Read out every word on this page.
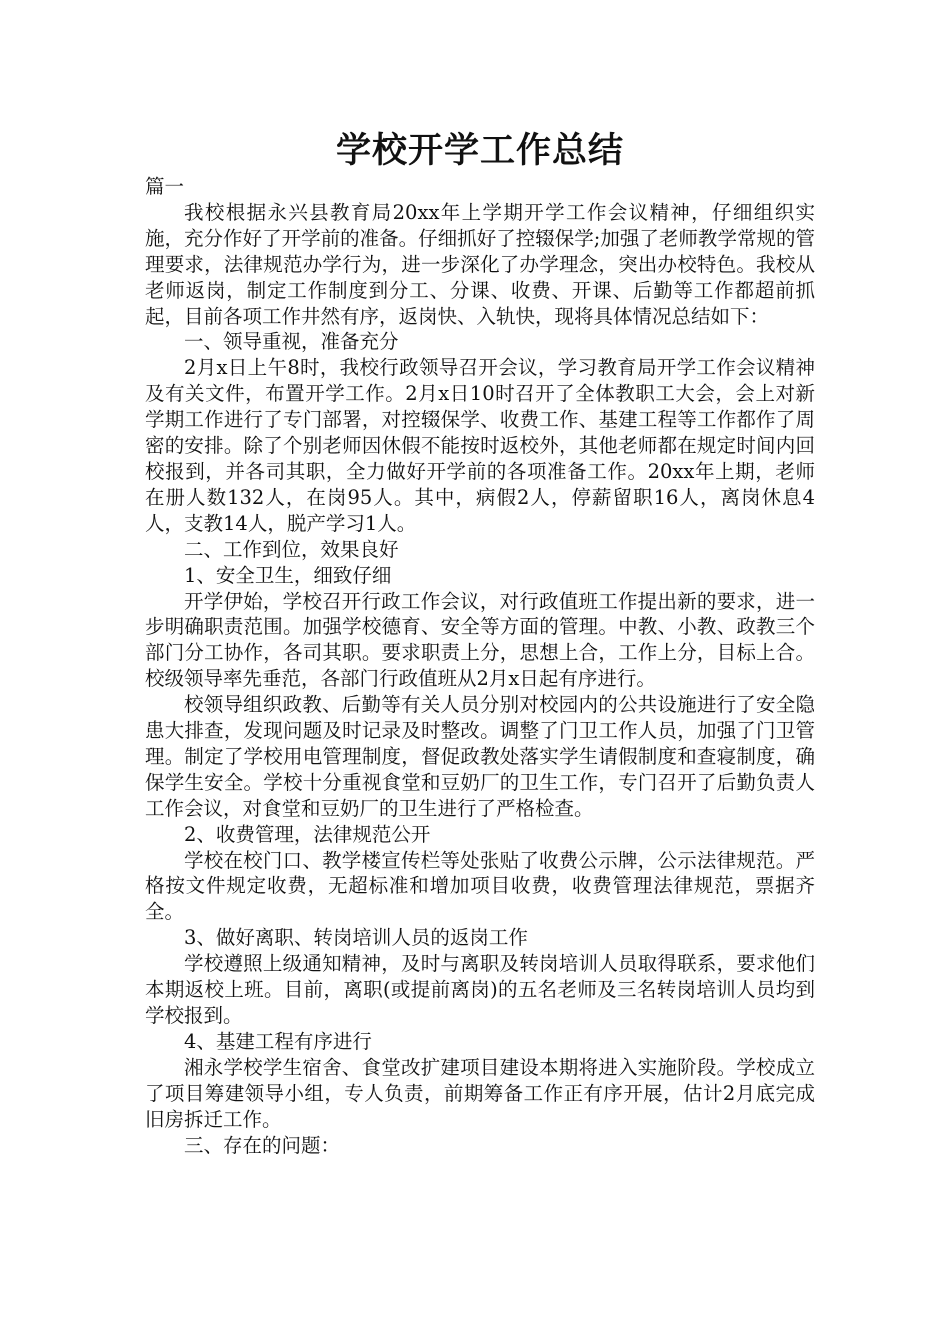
学校开学工作总结

篇一

我校根据永兴县教育局20xx年上学期开学工作会议精神，仔细组织实施，充分作好了开学前的准备。仔细抓好了控辍保学;加强了老师教学常规的管理要求，法律规范办学行为，进一步深化了办学理念，突出办校特色。我校从老师返岗，制定工作制度到分工、分课、收费、开课、后勤等工作都超前抓起，目前各项工作井然有序，返岗快、入轨快，现将具体情况总结如下：

一、领导重视，准备充分

2月x日上午8时，我校行政领导召开会议，学习教育局开学工作会议精神及有关文件，布置开学工作。2月x日10时召开了全体教职工大会，会上对新学期工作进行了专门部署，对控辍保学、收费工作、基建工程等工作都作了周密的安排。除了个别老师因休假不能按时返校外，其他老师都在规定时间内回校报到，并各司其职，全力做好开学前的各项准备工作。20xx年上期，老师在册人数132人，在岗95人。其中，病假2人，停薪留职16人，离岗休息4人，支教14人，脱产学习1人。

二、工作到位，效果良好

1、安全卫生，细致仔细

开学伊始，学校召开行政工作会议，对行政值班工作提出新的要求，进一步明确职责范围。加强学校德育、安全等方面的管理。中教、小教、政教三个部门分工协作，各司其职。要求职责上分，思想上合，工作上分，目标上合。校级领导率先垂范，各部门行政值班从2月x日起有序进行。

校领导组织政教、后勤等有关人员分别对校园内的公共设施进行了安全隐患大排查，发现问题及时记录及时整改。调整了门卫工作人员，加强了门卫管理。制定了学校用电管理制度，督促政教处落实学生请假制度和查寝制度，确保学生安全。学校十分重视食堂和豆奶厂的卫生工作，专门召开了后勤负责人工作会议，对食堂和豆奶厂的卫生进行了严格检查。

2、收费管理，法律规范公开

学校在校门口、教学楼宣传栏等处张贴了收费公示牌，公示法律规范。严格按文件规定收费，无超标准和增加项目收费，收费管理法律规范，票据齐全。

3、做好离职、转岗培训人员的返岗工作

学校遵照上级通知精神，及时与离职及转岗培训人员取得联系，要求他们本期返校上班。目前，离职(或提前离岗)的五名老师及三名转岗培训人员均到学校报到。

4、基建工程有序进行

湘永学校学生宿舍、食堂改扩建项目建设本期将进入实施阶段。学校成立了项目筹建领导小组，专人负责，前期筹备工作正有序开展，估计2月底完成旧房拆迁工作。

三、存在的问题：
